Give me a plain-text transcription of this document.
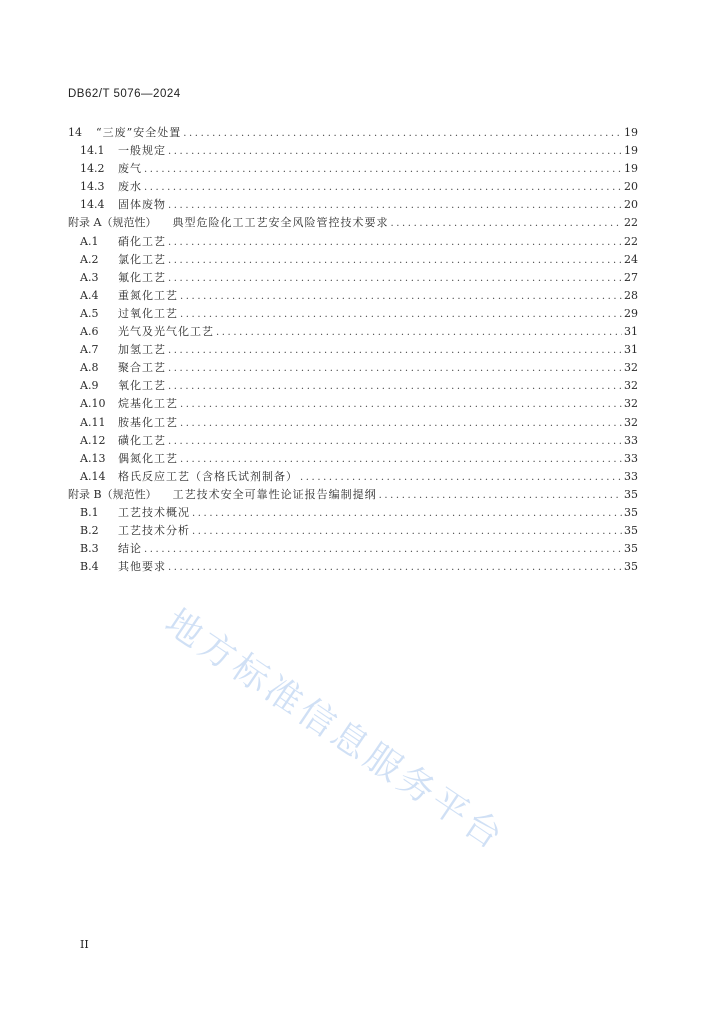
DB62/T 5076—2024
14	“三废”安全处置 .....	19
14.1	一般规定 .....	19
14.2	废气 .....	19
14.3	废水 .....	20
14.4	固体废物 .....	20
附录 A（规范性） 典型危险化工工艺安全风险管控技术要求 .....	22
A.1	硝化工艺 .....	22
A.2	氯化工艺 .....	24
A.3	氟化工艺 .....	27
A.4	重氮化工艺 .....	28
A.5	过氧化工艺 .....	29
A.6	光气及光气化工艺 .....	31
A.7	加氢工艺 .....	31
A.8	聚合工艺 .....	32
A.9	氧化工艺 .....	32
A.10	烷基化工艺 .....	32
A.11	胺基化工艺 .....	32
A.12	磺化工艺 .....	33
A.13	偶氮化工艺 .....	33
A.14	格氏反应工艺（含格氏试剂制备） .....	33
附录 B（规范性） 工艺技术安全可靠性论证报告编制提纲 .....	35
B.1	工艺技术概况 .....	35
B.2	工艺技术分析 .....	35
B.3	结论 .....	35
B.4	其他要求 .....	35
II
地方标准信息服务平台
